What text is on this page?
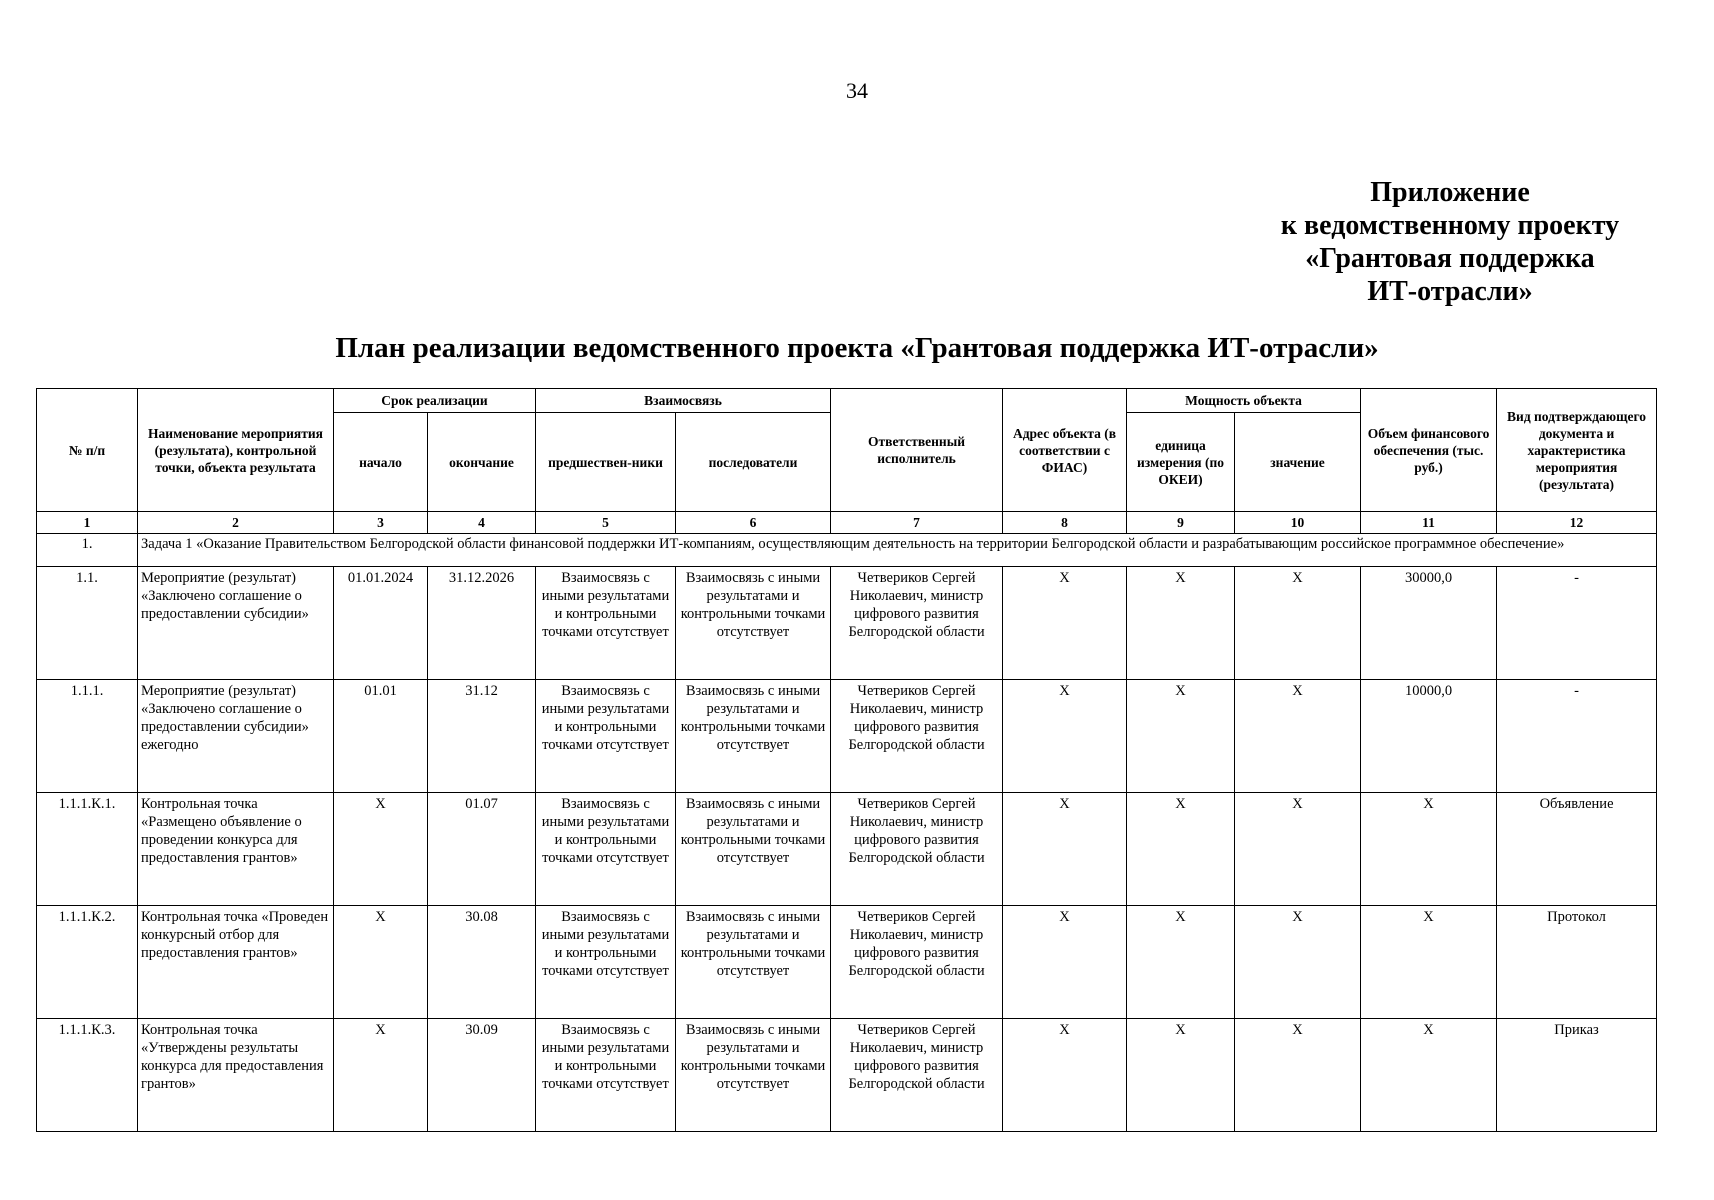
34
Приложение
к ведомственному проекту
«Грантовая поддержка
ИТ-отрасли»
План реализации ведомственного проекта «Грантовая поддержка ИТ-отрасли»
№ п/п	Наименование мероприятия (результата), контрольной точки, объекта результата	Срок реализации		Взаимосвязь		Ответственный исполнитель	Адрес объекта (в соответствии с ФИАС)	Мощность объекта		Объем финансового обеспечения (тыс. руб.)	Вид подтверждающего документа и характеристика мероприятия (результата)
		начало	окончание	предшествен-ники	последователи			единица измерения (по ОКЕИ)	значение		
1	2	3	4	5	6	7	8	9	10	11	12
1.	Задача 1 «Оказание Правительством Белгородской области финансовой поддержки ИТ-компаниям, осуществляющим деятельность на территории Белгородской области и разрабатывающим российское программное обеспечение»										
1.1.	Мероприятие (результат) «Заключено соглашение о предоставлении субсидии»	01.01.2024	31.12.2026	Взаимосвязь с иными результатами и контрольными точками отсутствует	Взаимосвязь с иными результатами и контрольными точками отсутствует	Четвериков Сергей Николаевич, министр цифрового развития Белгородской области	X	X	X	30000,0	-
1.1.1.	Мероприятие (результат) «Заключено соглашение о предоставлении субсидии» ежегодно	01.01	31.12	Взаимосвязь с иными результатами и контрольными точками отсутствует	Взаимосвязь с иными результатами и контрольными точками отсутствует	Четвериков Сергей Николаевич, министр цифрового развития Белгородской области	X	X	X	10000,0	-
1.1.1.К.1.	Контрольная точка «Размещено объявление о проведении конкурса для предоставления грантов»	X	01.07	Взаимосвязь с иными результатами и контрольными точками отсутствует	Взаимосвязь с иными результатами и контрольными точками отсутствует	Четвериков Сергей Николаевич, министр цифрового развития Белгородской области	X	X	X	X	Объявление
1.1.1.К.2.	Контрольная точка «Проведен конкурсный отбор для предоставления грантов»	X	30.08	Взаимосвязь с иными результатами и контрольными точками отсутствует	Взаимосвязь с иными результатами и контрольными точками отсутствует	Четвериков Сергей Николаевич, министр цифрового развития Белгородской области	X	X	X	X	Протокол
1.1.1.К.3.	Контрольная точка «Утверждены результаты конкурса для предоставления грантов»	X	30.09	Взаимосвязь с иными результатами и контрольными точками отсутствует	Взаимосвязь с иными результатами и контрольными точками отсутствует	Четвериков Сергей Николаевич, министр цифрового развития Белгородской области	X	X	X	X	Приказ
